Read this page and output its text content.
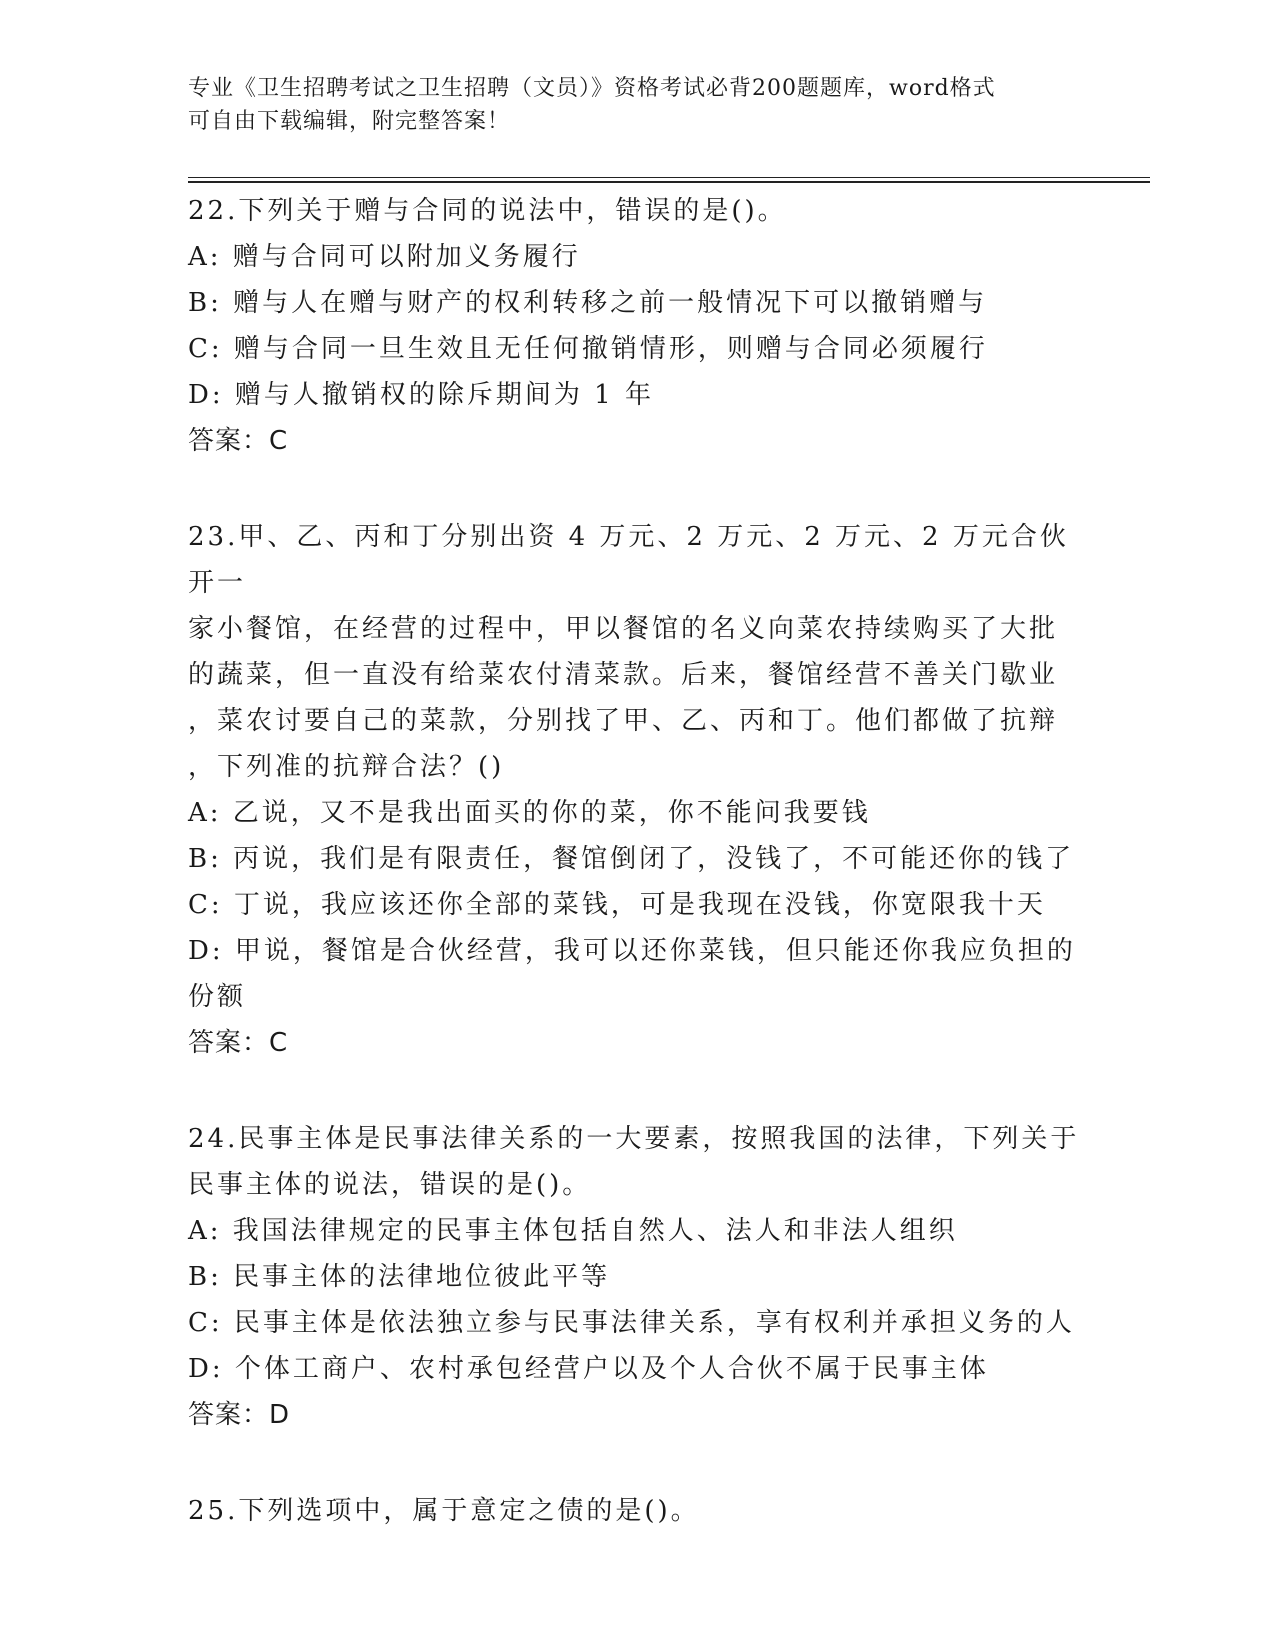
专业《卫生招聘考试之卫生招聘（文员）》资格考试必背200题题库，word格式
可自由下载编辑，附完整答案！

22.下列关于赠与合同的说法中，错误的是()。

A: 赠与合同可以附加义务履行

B: 赠与人在赠与财产的权利转移之前一般情况下可以撤销赠与

C: 赠与合同一旦生效且无任何撤销情形，则赠与合同必须履行

D: 赠与人撤销权的除斥期间为 1 年

答案：C

23.甲、乙、丙和丁分别出资 4 万元、2 万元、2 万元、2 万元合伙开一

家小餐馆，在经营的过程中，甲以餐馆的名义向菜农持续购买了大批

的蔬菜，但一直没有给菜农付清菜款。后来，餐馆经营不善关门歇业

，菜农讨要自己的菜款，分别找了甲、乙、丙和丁。他们都做了抗辩

，下列准的抗辩合法？()

A: 乙说，又不是我出面买的你的菜，你不能问我要钱

B: 丙说，我们是有限责任，餐馆倒闭了，没钱了，不可能还你的钱了

C: 丁说，我应该还你全部的菜钱，可是我现在没钱，你宽限我十天

D: 甲说，餐馆是合伙经营，我可以还你菜钱，但只能还你我应负担的

份额

答案：C

24.民事主体是民事法律关系的一大要素，按照我国的法律，下列关于

民事主体的说法，错误的是()。

A: 我国法律规定的民事主体包括自然人、法人和非法人组织

B: 民事主体的法律地位彼此平等

C: 民事主体是依法独立参与民事法律关系，享有权利并承担义务的人

D: 个体工商户、农村承包经营户以及个人合伙不属于民事主体

答案：D

25.下列选项中，属于意定之债的是()。
